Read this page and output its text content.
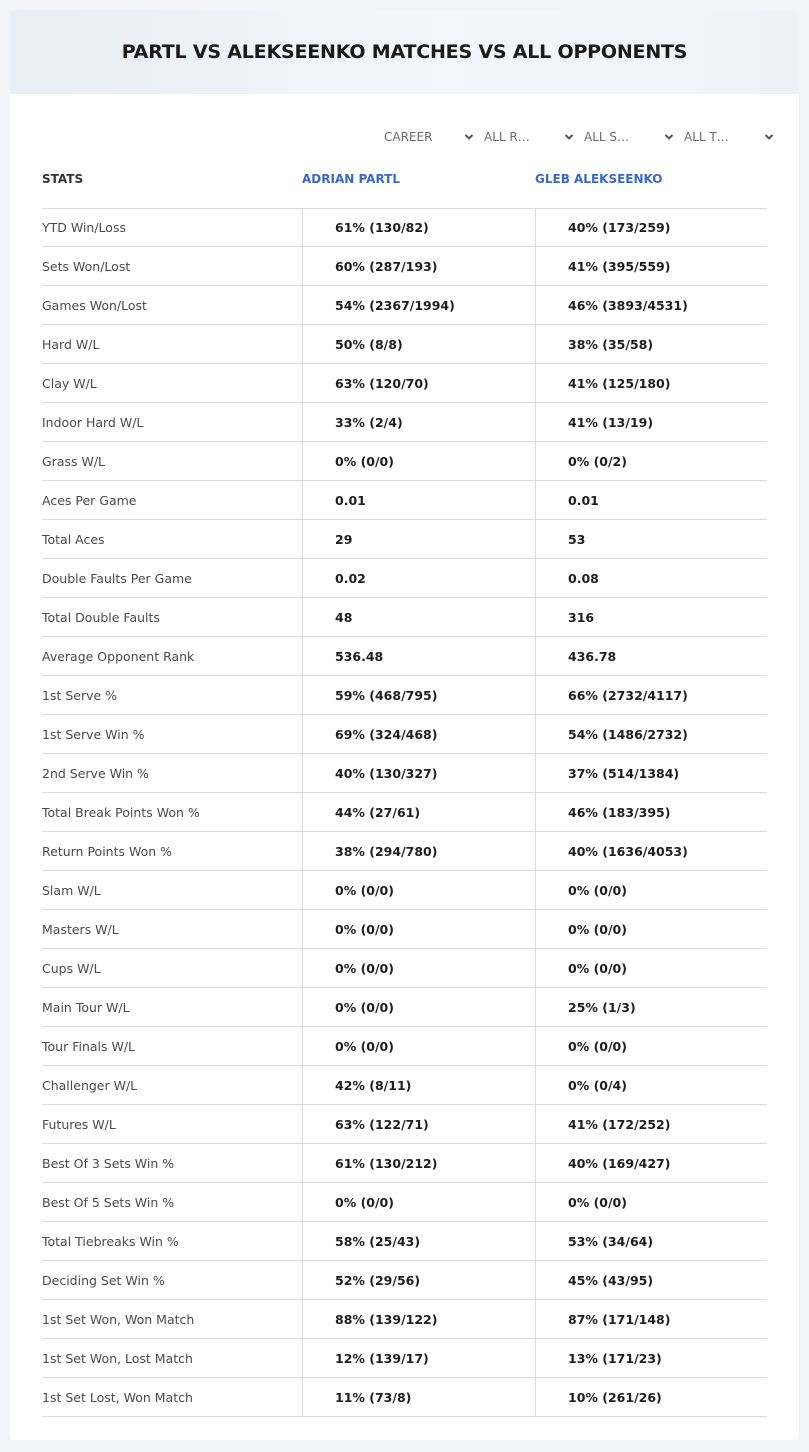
PARTL VS ALEKSEENKO MATCHES VS ALL OPPONENTS
CAREER	ALL R…	ALL S…	ALL T…
STATS	ADRIAN PARTL	GLEB ALEKSEENKO
YTD Win/Loss	61% (130/82)	40% (173/259)
Sets Won/Lost	60% (287/193)	41% (395/559)
Games Won/Lost	54% (2367/1994)	46% (3893/4531)
Hard W/L	50% (8/8)	38% (35/58)
Clay W/L	63% (120/70)	41% (125/180)
Indoor Hard W/L	33% (2/4)	41% (13/19)
Grass W/L	0% (0/0)	0% (0/2)
Aces Per Game	0.01	0.01
Total Aces	29	53
Double Faults Per Game	0.02	0.08
Total Double Faults	48	316
Average Opponent Rank	536.48	436.78
1st Serve %	59% (468/795)	66% (2732/4117)
1st Serve Win %	69% (324/468)	54% (1486/2732)
2nd Serve Win %	40% (130/327)	37% (514/1384)
Total Break Points Won %	44% (27/61)	46% (183/395)
Return Points Won %	38% (294/780)	40% (1636/4053)
Slam W/L	0% (0/0)	0% (0/0)
Masters W/L	0% (0/0)	0% (0/0)
Cups W/L	0% (0/0)	0% (0/0)
Main Tour W/L	0% (0/0)	25% (1/3)
Tour Finals W/L	0% (0/0)	0% (0/0)
Challenger W/L	42% (8/11)	0% (0/4)
Futures W/L	63% (122/71)	41% (172/252)
Best Of 3 Sets Win %	61% (130/212)	40% (169/427)
Best Of 5 Sets Win %	0% (0/0)	0% (0/0)
Total Tiebreaks Win %	58% (25/43)	53% (34/64)
Deciding Set Win %	52% (29/56)	45% (43/95)
1st Set Won, Won Match	88% (139/122)	87% (171/148)
1st Set Won, Lost Match	12% (139/17)	13% (171/23)
1st Set Lost, Won Match	11% (73/8)	10% (261/26)
